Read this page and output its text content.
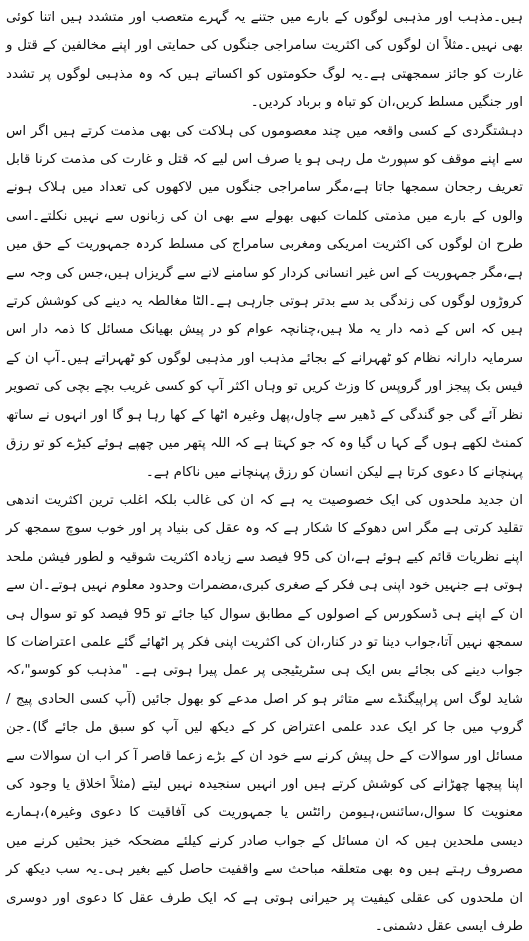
ہیں۔مذہب اور مذہبی لوگوں کے بارے میں جتنے یہ گہرے متعصب اور متشدد ہیں اتنا کوئی بھی نہیں۔مثلاً ان لوگوں کی اکثریت سامراجی جنگوں کی حمایتی اور اپنے مخالفین کے قتل و غارت کو جائز سمجھتی ہے۔یہ لوگ حکومتوں کو اکساتے ہیں کہ وہ مذہبی لوگوں پر تشدد اور جنگیں مسلط کریں،ان کو تباہ و برباد کردیں۔

دہشتگردی کے کسی واقعہ میں چند معصوموں کی ہلاکت کی بھی مذمت کرتے ہیں اگر اس سے اپنے موقف کو سپورٹ مل رہی ہو یا صرف اس لیے کہ قتل و غارت کی مذمت کرنا قابل تعریف رجحان سمجھا جاتا ہے،مگر سامراجی جنگوں میں لاکھوں کی تعداد میں ہلاک ہونے والوں کے بارے میں مذمتی کلمات کبھی بھولے سے بھی ان کی زبانوں سے نہیں نکلتے۔اسی طرح ان لوگوں کی اکثریت امریکی ومغربی سامراج کی مسلط کردہ جمہوریت کے حق میں ہے،مگر جمہوریت کے اس غیر انسانی کردار کو سامنے لانے سے گریزاں ہیں،جس کی وجہ سے کروڑوں لوگوں کی زندگی بد سے بدتر ہوتی جارہی ہے۔الٹا مغالطہ یہ دینے کی کوشش کرتے ہیں کہ اس کے ذمہ دار یہ ملا ہیں،چنانچہ عوام کو در پیش بھیانک مسائل کا ذمہ دار اس سرمایہ دارانہ نظام کو ٹھہرانے کے بجائے مذہب اور مذہبی لوگوں کو ٹھہراتے ہیں۔آپ ان کے فیس بک پیجز اور گروپس کا وزٹ کریں تو وہاں اکثر آپ کو کسی غریب بچے بچی کی تصویر نظر آئے گی جو گندگی کے ڈھیر سے چاول،پھل وغیرہ اٹھا کے کھا رہا ہو گا اور انہوں نے ساتھ کمنٹ لکھے ہوں گے کہا ں گیا وہ کہ جو کہتا ہے کہ اللہ پتھر میں چھپے ہوئے کیڑے کو تو رزق پہنچانے کا دعوی کرتا ہے لیکن انسان کو رزق پہنچانے میں ناکام ہے۔

ان جدید ملحدوں کی ایک خصوصیت یہ ہے کہ ان کی غالب بلکہ اغلب ترین اکثریت اندھی تقلید کرتی ہے مگر اس دھوکے کا شکار ہے کہ وہ عقل کی بنیاد پر اور خوب سوچ سمجھ کر اپنے نظریات قائم کیے ہوئے ہے،ان کی 95 فیصد سے زیادہ اکثریت شوقیہ و لطور فیشن ملحد ہوتی ہے جنہیں خود اپنی ہی فکر کے صغری کبری،مضمرات وحدود معلوم نہیں ہوتے۔ان سے ان کے اپنے ہی ڈسکورس کے اصولوں کے مطابق سوال کیا جائے تو 95 فیصد کو تو سوال ہی سمجھ نہیں آتا،جواب دینا تو در کنار،ان کی اکثریت اپنی فکر پر اٹھائے گئے علمی اعتراضات کا جواب دینے کی بجائے بس ایک ہی سٹریٹیجی پر عمل پیرا ہوتی ہے۔ "مذہب کو کوسو"،کہ شاید لوگ اس پراپیگنڈے سے متاثر ہو کر اصل مدعے کو بھول جائیں (آپ کسی الحادی پیج / گروپ میں جا کر ایک عدد علمی اعتراض کر کے دیکھ لیں آپ کو سبق مل جائے گا)۔جن مسائل اور سوالات کے حل پیش کرنے سے خود ان کے بڑے زعما قاصر آ کر اب ان سوالات سے اپنا پیچھا چھڑانے کی کوشش کرتے ہیں اور انہیں سنجیدہ نہیں لیتے (مثلاً اخلاق یا وجود کی معنویت کا سوال،سائنس،ہیومن رائٹس یا جمہوریت کی آفاقیت کا دعوی وغیرہ)،ہمارے دیسی ملحدین ہیں کہ ان مسائل کے جواب صادر کرنے کیلئے مضحکہ خیز بحثیں کرنے میں مصروف رہتے ہیں وہ بھی متعلقہ مباحث سے واقفیت حاصل کیے بغیر ہی۔یہ سب دیکھ کر ان ملحدوں کی عقلی کیفیت پر حیرانی ہوتی ہے کہ ایک طرف عقل کا دعوی اور دوسری طرف ایسی عقل دشمنی۔
